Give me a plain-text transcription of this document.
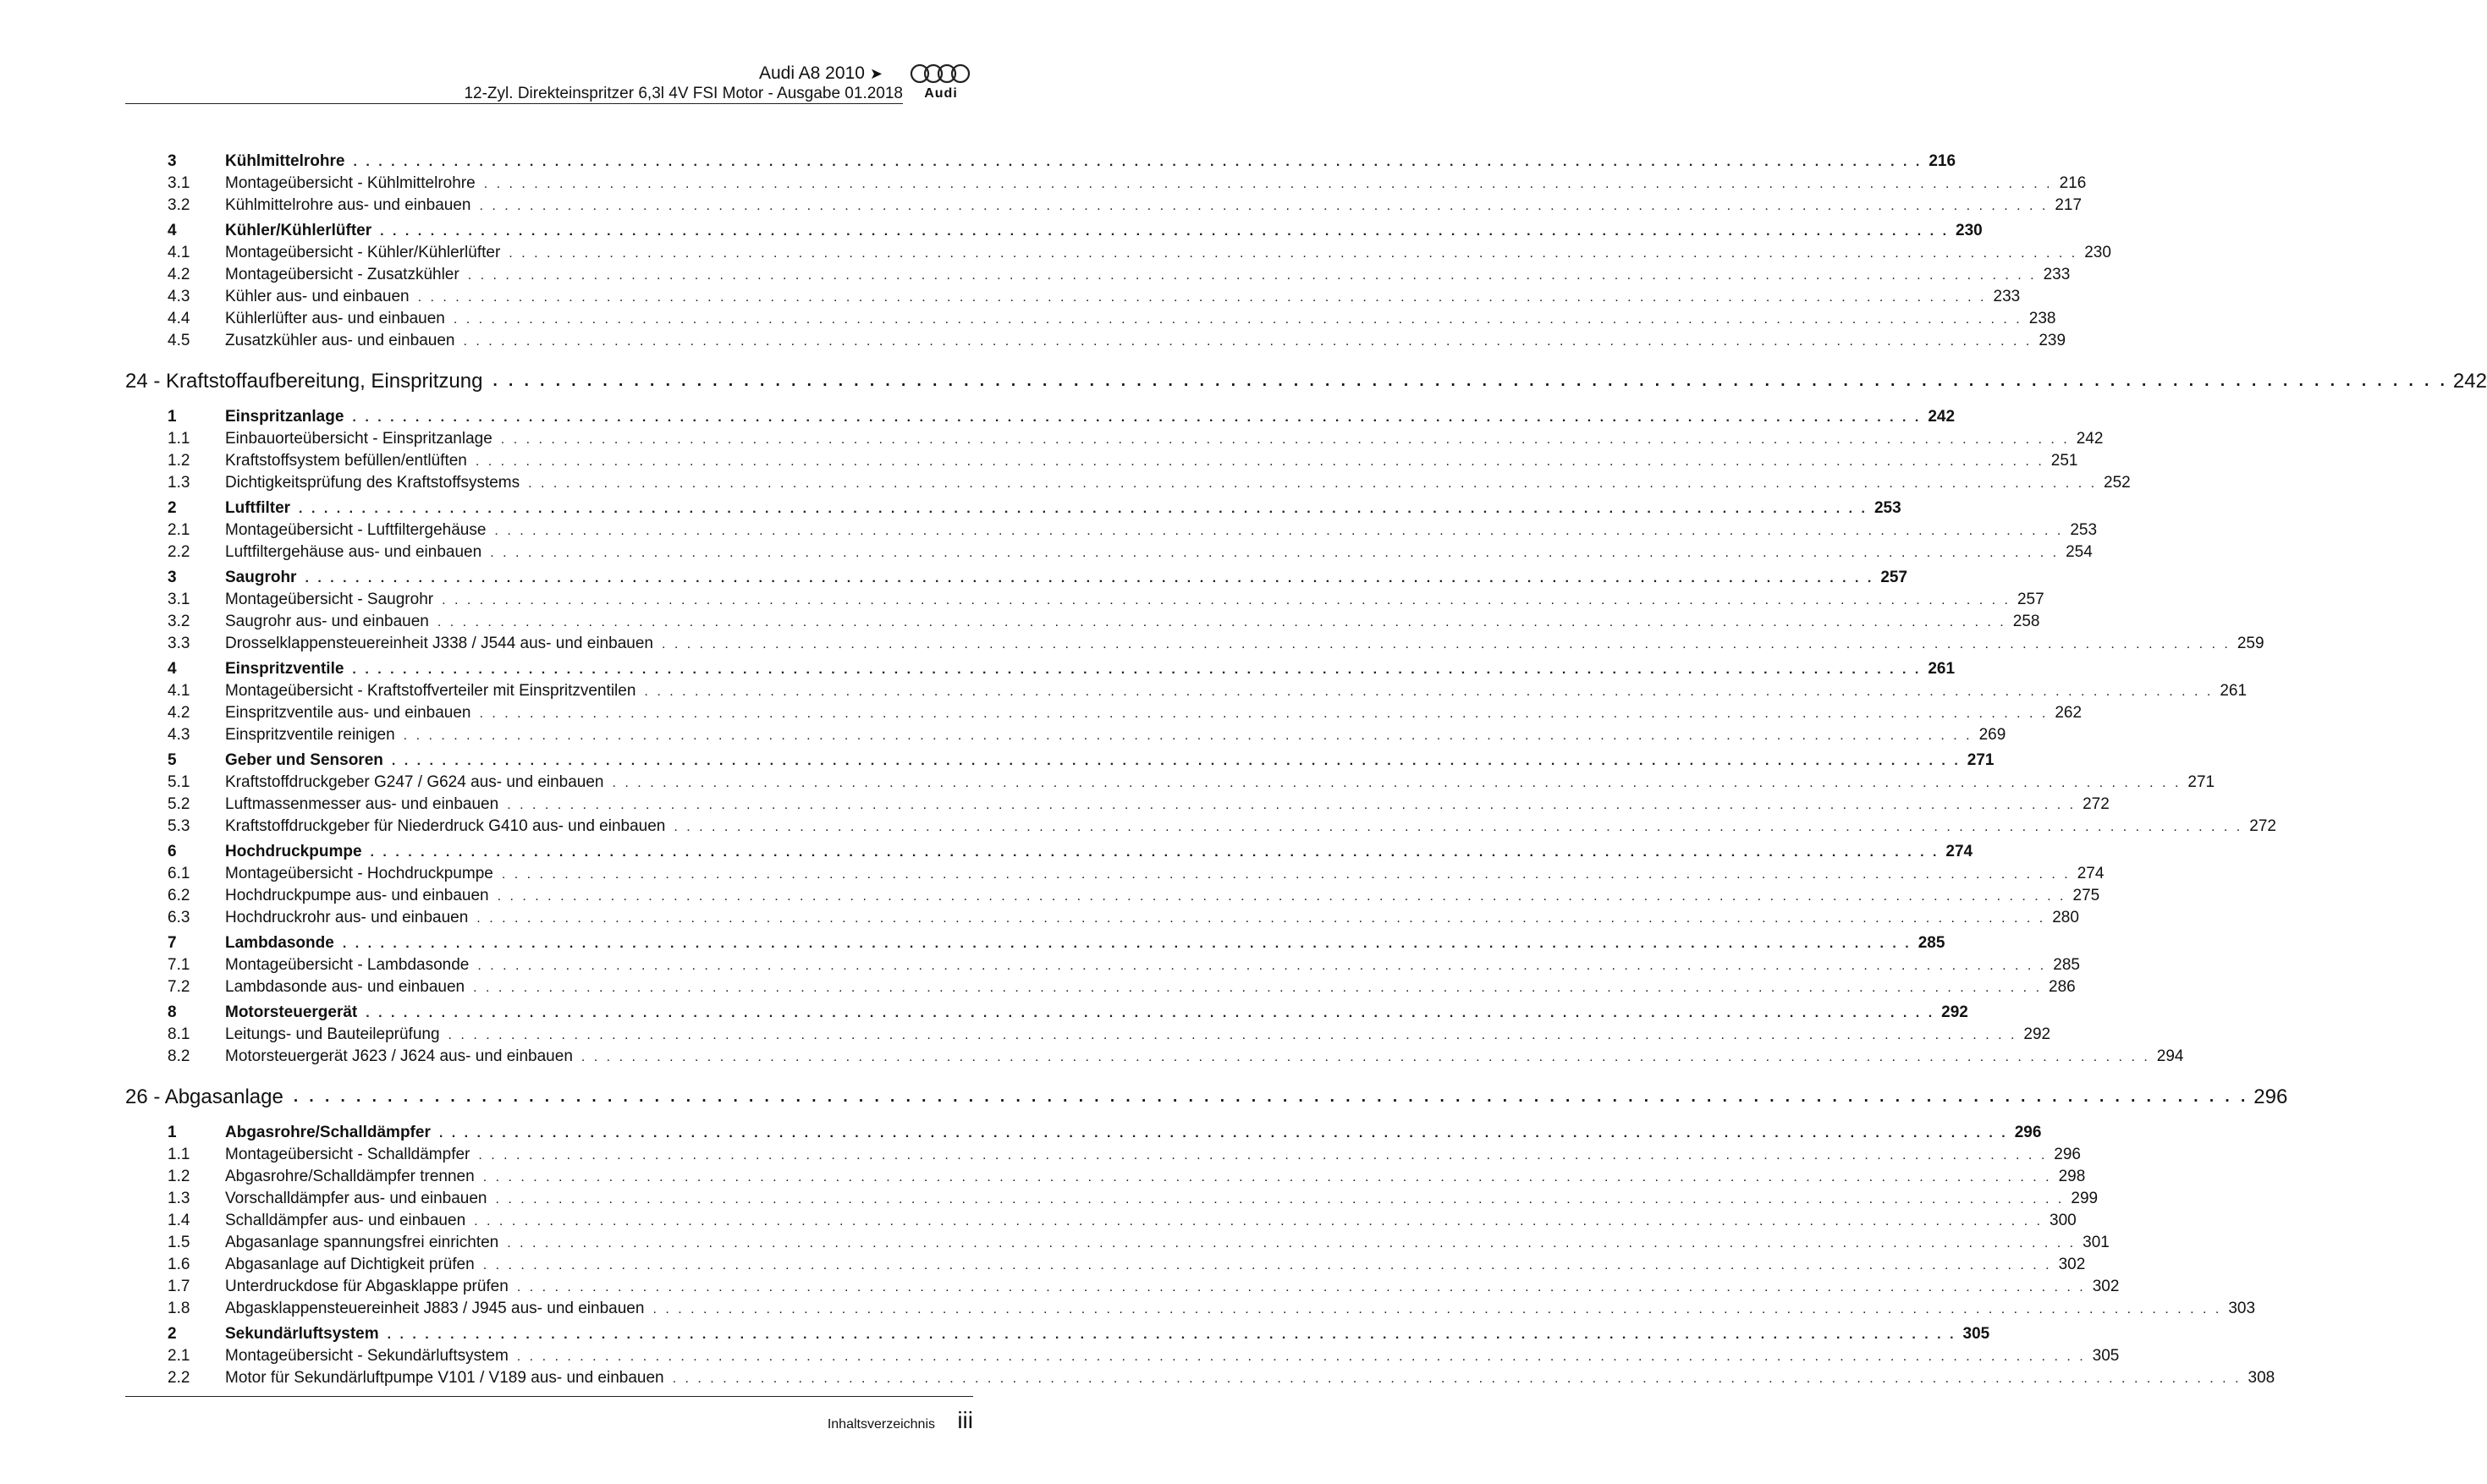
Audi A8 2010 ➤
12-Zyl. Direkteinspritzer 6,3l 4V FSI Motor - Ausgabe 01.2018	Audi
3	Kühlmittelrohre . . . . . . . . . . . . . . . . . . . . . . . . . . . . . . . . . . . . . . . . . . . . . . . . . . . . . . . . . . . . . . . . . . . . . . . . . . . . . . . . . . . . . . . . . . . . . . . . . . . . . . . . . . . . . . . . . . . . . . . . . . . . . 216
3.1 Montageübersicht - Kühlmittelrohre . . . . . . . . . . . . . . . . . . . . . . . . . . . . . . . . . . . . . . . . . . . . . . . . . . . . . . . . . . . . . . . . . . . . . . . . . . . . . . . . . . . . . . . . . . . . . . . . . . . . . . . . . . . . . . . . . . . . . . . . . . . . . 216
3.2 Kühlmittelrohre aus- und einbauen . . . . . . . . . . . . . . . . . . . . . . . . . . . . . . . . . . . . . . . . . . . . . . . . . . . . . . . . . . . . . . . . . . . . . . . . . . . . . . . . . . . . . . . . . . . . . . . . . . . . . . . . . . . . . . . . . . . . . . . . . . . . . 217
4	Kühler/Kühlerlüfter . . . . . . . . . . . . . . . . . . . . . . . . . . . . . . . . . . . . . . . . . . . . . . . . . . . . . . . . . . . . . . . . . . . . . . . . . . . . . . . . . . . . . . . . . . . . . . . . . . . . . . . . . . . . . . . . . . . . . . . . . . . . . 230
4.1 Montageübersicht - Kühler/Kühlerlüfter . . . . . . . . . . . . . . . . . . . . . . . . . . . . . . . . . . . . . . . . . . . . . . . . . . . . . . . . . . . . . . . . . . . . . . . . . . . . . . . . . . . . . . . . . . . . . . . . . . . . . . . . . . . . . . . . . . . . . . . . . . . . . 230
4.2 Montageübersicht - Zusatzkühler . . . . . . . . . . . . . . . . . . . . . . . . . . . . . . . . . . . . . . . . . . . . . . . . . . . . . . . . . . . . . . . . . . . . . . . . . . . . . . . . . . . . . . . . . . . . . . . . . . . . . . . . . . . . . . . . . . . . . . . . . . . . . 233
4.3 Kühler aus- und einbauen . . . . . . . . . . . . . . . . . . . . . . . . . . . . . . . . . . . . . . . . . . . . . . . . . . . . . . . . . . . . . . . . . . . . . . . . . . . . . . . . . . . . . . . . . . . . . . . . . . . . . . . . . . . . . . . . . . . . . . . . . . . . . 233
4.4 Kühlerlüfter aus- und einbauen . . . . . . . . . . . . . . . . . . . . . . . . . . . . . . . . . . . . . . . . . . . . . . . . . . . . . . . . . . . . . . . . . . . . . . . . . . . . . . . . . . . . . . . . . . . . . . . . . . . . . . . . . . . . . . . . . . . . . . . . . . . . . 238
4.5 Zusatzkühler aus- und einbauen . . . . . . . . . . . . . . . . . . . . . . . . . . . . . . . . . . . . . . . . . . . . . . . . . . . . . . . . . . . . . . . . . . . . . . . . . . . . . . . . . . . . . . . . . . . . . . . . . . . . . . . . . . . . . . . . . . . . . . . . . . . . . 239
24 - Kraftstoffaufbereitung, Einspritzung . . . . . . . . . . . . . . . . . . . . . . . . . . . . . . . . . . . . . . . . . . . . . . . . . . . . . . . . . . . . . . . . . . . . . . . . . . . . . . . . . . . . . . . . . . . . . . . . . . . . . . . . . . . . . . . . . . . . . . . . . . . . . 242
1	Einspritzanlage . . . . . . . . . . . . . . . . . . . . . . . . . . . . . . . . . . . . . . . . . . . . . . . . . . . . . . . . . . . . . . . . . . . . . . . . . . . . . . . . . . . . . . . . . . . . . . . . . . . . . . . . . . . . . . . . . . . . . . . . . . . . . 242
1.1 Einbauorteübersicht - Einspritzanlage . . . . . . . . . . . . . . . . . . . . . . . . . . . . . . . . . . . . . . . . . . . . . . . . . . . . . . . . . . . . . . . . . . . . . . . . . . . . . . . . . . . . . . . . . . . . . . . . . . . . . . . . . . . . . . . . . . . . . . . . . . . . . 242
1.2 Kraftstoffsystem befüllen/entlüften . . . . . . . . . . . . . . . . . . . . . . . . . . . . . . . . . . . . . . . . . . . . . . . . . . . . . . . . . . . . . . . . . . . . . . . . . . . . . . . . . . . . . . . . . . . . . . . . . . . . . . . . . . . . . . . . . . . . . . . . . . . . . 251
1.3 Dichtigkeitsprüfung des Kraftstoffsystems . . . . . . . . . . . . . . . . . . . . . . . . . . . . . . . . . . . . . . . . . . . . . . . . . . . . . . . . . . . . . . . . . . . . . . . . . . . . . . . . . . . . . . . . . . . . . . . . . . . . . . . . . . . . . . . . . . . . . . . . . . . . . 252
2	Luftfilter . . . . . . . . . . . . . . . . . . . . . . . . . . . . . . . . . . . . . . . . . . . . . . . . . . . . . . . . . . . . . . . . . . . . . . . . . . . . . . . . . . . . . . . . . . . . . . . . . . . . . . . . . . . . . . . . . . . . . . . . . . . . . 253
2.1 Montageübersicht - Luftfiltergehäuse . . . . . . . . . . . . . . . . . . . . . . . . . . . . . . . . . . . . . . . . . . . . . . . . . . . . . . . . . . . . . . . . . . . . . . . . . . . . . . . . . . . . . . . . . . . . . . . . . . . . . . . . . . . . . . . . . . . . . . . . . . . . . 253
2.2 Luftfiltergehäuse aus- und einbauen . . . . . . . . . . . . . . . . . . . . . . . . . . . . . . . . . . . . . . . . . . . . . . . . . . . . . . . . . . . . . . . . . . . . . . . . . . . . . . . . . . . . . . . . . . . . . . . . . . . . . . . . . . . . . . . . . . . . . . . . . . . . . 254
3	Saugrohr . . . . . . . . . . . . . . . . . . . . . . . . . . . . . . . . . . . . . . . . . . . . . . . . . . . . . . . . . . . . . . . . . . . . . . . . . . . . . . . . . . . . . . . . . . . . . . . . . . . . . . . . . . . . . . . . . . . . . . . . . . . . . 257
3.1 Montageübersicht - Saugrohr . . . . . . . . . . . . . . . . . . . . . . . . . . . . . . . . . . . . . . . . . . . . . . . . . . . . . . . . . . . . . . . . . . . . . . . . . . . . . . . . . . . . . . . . . . . . . . . . . . . . . . . . . . . . . . . . . . . . . . . . . . . . . 257
3.2 Saugrohr aus- und einbauen . . . . . . . . . . . . . . . . . . . . . . . . . . . . . . . . . . . . . . . . . . . . . . . . . . . . . . . . . . . . . . . . . . . . . . . . . . . . . . . . . . . . . . . . . . . . . . . . . . . . . . . . . . . . . . . . . . . . . . . . . . . . . 258
3.3 Drosselklappensteuereinheit J338 / J544 aus- und einbauen . . . . . . . . . . . . . . . . . . . . . . . . . . . . . . . . . . . . . . . . . . . . . . . . . . . . . . . . . . . . . . . . . . . . . . . . . . . . . . . . . . . . . . . . . . . . . . . . . . . . . . . . . . . . . . . . . . . . . . . . . . . . . 259
4	Einspritzventile . . . . . . . . . . . . . . . . . . . . . . . . . . . . . . . . . . . . . . . . . . . . . . . . . . . . . . . . . . . . . . . . . . . . . . . . . . . . . . . . . . . . . . . . . . . . . . . . . . . . . . . . . . . . . . . . . . . . . . . . . . . . . 261
4.1 Montageübersicht - Kraftstoffverteiler mit Einspritzventilen . . . . . . . . . . . . . . . . . . . . . . . . . . . . . . . . . . . . . . . . . . . . . . . . . . . . . . . . . . . . . . . . . . . . . . . . . . . . . . . . . . . . . . . . . . . . . . . . . . . . . . . . . . . . . . . . . . . . . . . . . . . . . 261
4.2 Einspritzventile aus- und einbauen . . . . . . . . . . . . . . . . . . . . . . . . . . . . . . . . . . . . . . . . . . . . . . . . . . . . . . . . . . . . . . . . . . . . . . . . . . . . . . . . . . . . . . . . . . . . . . . . . . . . . . . . . . . . . . . . . . . . . . . . . . . . . 262
4.3 Einspritzventile reinigen . . . . . . . . . . . . . . . . . . . . . . . . . . . . . . . . . . . . . . . . . . . . . . . . . . . . . . . . . . . . . . . . . . . . . . . . . . . . . . . . . . . . . . . . . . . . . . . . . . . . . . . . . . . . . . . . . . . . . . . . . . . . . 269
5	Geber und Sensoren . . . . . . . . . . . . . . . . . . . . . . . . . . . . . . . . . . . . . . . . . . . . . . . . . . . . . . . . . . . . . . . . . . . . . . . . . . . . . . . . . . . . . . . . . . . . . . . . . . . . . . . . . . . . . . . . . . . . . . . . . . . . . 271
5.1 Kraftstoffdruckgeber G247 / G624 aus- und einbauen . . . . . . . . . . . . . . . . . . . . . . . . . . . . . . . . . . . . . . . . . . . . . . . . . . . . . . . . . . . . . . . . . . . . . . . . . . . . . . . . . . . . . . . . . . . . . . . . . . . . . . . . . . . . . . . . . . . . . . . . . . . . . 271
5.2 Luftmassenmesser aus- und einbauen . . . . . . . . . . . . . . . . . . . . . . . . . . . . . . . . . . . . . . . . . . . . . . . . . . . . . . . . . . . . . . . . . . . . . . . . . . . . . . . . . . . . . . . . . . . . . . . . . . . . . . . . . . . . . . . . . . . . . . . . . . . . . 272
5.3 Kraftstoffdruckgeber für Niederdruck G410 aus- und einbauen . . . . . . . . . . . . . . . . . . . . . . . . . . . . . . . . . . . . . . . . . . . . . . . . . . . . . . . . . . . . . . . . . . . . . . . . . . . . . . . . . . . . . . . . . . . . . . . . . . . . . . . . . . . . . . . . . . . . . . . . . . . . . 272
6	Hochdruckpumpe . . . . . . . . . . . . . . . . . . . . . . . . . . . . . . . . . . . . . . . . . . . . . . . . . . . . . . . . . . . . . . . . . . . . . . . . . . . . . . . . . . . . . . . . . . . . . . . . . . . . . . . . . . . . . . . . . . . . . . . . . . . . . 274
6.1 Montageübersicht - Hochdruckpumpe . . . . . . . . . . . . . . . . . . . . . . . . . . . . . . . . . . . . . . . . . . . . . . . . . . . . . . . . . . . . . . . . . . . . . . . . . . . . . . . . . . . . . . . . . . . . . . . . . . . . . . . . . . . . . . . . . . . . . . . . . . . . . 274
6.2 Hochdruckpumpe aus- und einbauen . . . . . . . . . . . . . . . . . . . . . . . . . . . . . . . . . . . . . . . . . . . . . . . . . . . . . . . . . . . . . . . . . . . . . . . . . . . . . . . . . . . . . . . . . . . . . . . . . . . . . . . . . . . . . . . . . . . . . . . . . . . . . 275
6.3 Hochdruckrohr aus- und einbauen . . . . . . . . . . . . . . . . . . . . . . . . . . . . . . . . . . . . . . . . . . . . . . . . . . . . . . . . . . . . . . . . . . . . . . . . . . . . . . . . . . . . . . . . . . . . . . . . . . . . . . . . . . . . . . . . . . . . . . . . . . . . . 280
7	Lambdasonde . . . . . . . . . . . . . . . . . . . . . . . . . . . . . . . . . . . . . . . . . . . . . . . . . . . . . . . . . . . . . . . . . . . . . . . . . . . . . . . . . . . . . . . . . . . . . . . . . . . . . . . . . . . . . . . . . . . . . . . . . . . . . 285
7.1 Montageübersicht - Lambdasonde . . . . . . . . . . . . . . . . . . . . . . . . . . . . . . . . . . . . . . . . . . . . . . . . . . . . . . . . . . . . . . . . . . . . . . . . . . . . . . . . . . . . . . . . . . . . . . . . . . . . . . . . . . . . . . . . . . . . . . . . . . . . . 285
7.2 Lambdasonde aus- und einbauen . . . . . . . . . . . . . . . . . . . . . . . . . . . . . . . . . . . . . . . . . . . . . . . . . . . . . . . . . . . . . . . . . . . . . . . . . . . . . . . . . . . . . . . . . . . . . . . . . . . . . . . . . . . . . . . . . . . . . . . . . . . . . 286
8	Motorsteuergerät . . . . . . . . . . . . . . . . . . . . . . . . . . . . . . . . . . . . . . . . . . . . . . . . . . . . . . . . . . . . . . . . . . . . . . . . . . . . . . . . . . . . . . . . . . . . . . . . . . . . . . . . . . . . . . . . . . . . . . . . . . . . . 292
8.1 Leitungs- und Bauteileprüfung . . . . . . . . . . . . . . . . . . . . . . . . . . . . . . . . . . . . . . . . . . . . . . . . . . . . . . . . . . . . . . . . . . . . . . . . . . . . . . . . . . . . . . . . . . . . . . . . . . . . . . . . . . . . . . . . . . . . . . . . . . . . . 292
8.2 Motorsteuergerät J623 / J624 aus- und einbauen . . . . . . . . . . . . . . . . . . . . . . . . . . . . . . . . . . . . . . . . . . . . . . . . . . . . . . . . . . . . . . . . . . . . . . . . . . . . . . . . . . . . . . . . . . . . . . . . . . . . . . . . . . . . . . . . . . . . . . . . . . . . . 294
26 - Abgasanlage . . . . . . . . . . . . . . . . . . . . . . . . . . . . . . . . . . . . . . . . . . . . . . . . . . . . . . . . . . . . . . . . . . . . . . . . . . . . . . . . . . . . . . . . . . . . . . . . . . . . . . . . . . . . . . . . . . . . . . . . . . . . . 296
1	Abgasrohre/Schalldämpfer . . . . . . . . . . . . . . . . . . . . . . . . . . . . . . . . . . . . . . . . . . . . . . . . . . . . . . . . . . . . . . . . . . . . . . . . . . . . . . . . . . . . . . . . . . . . . . . . . . . . . . . . . . . . . . . . . . . . . . . . . . . . . 296
1.1 Montageübersicht - Schalldämpfer . . . . . . . . . . . . . . . . . . . . . . . . . . . . . . . . . . . . . . . . . . . . . . . . . . . . . . . . . . . . . . . . . . . . . . . . . . . . . . . . . . . . . . . . . . . . . . . . . . . . . . . . . . . . . . . . . . . . . . . . . . . . . 296
1.2 Abgasrohre/Schalldämpfer trennen . . . . . . . . . . . . . . . . . . . . . . . . . . . . . . . . . . . . . . . . . . . . . . . . . . . . . . . . . . . . . . . . . . . . . . . . . . . . . . . . . . . . . . . . . . . . . . . . . . . . . . . . . . . . . . . . . . . . . . . . . . . . . 298
1.3 Vorschalldämpfer aus- und einbauen . . . . . . . . . . . . . . . . . . . . . . . . . . . . . . . . . . . . . . . . . . . . . . . . . . . . . . . . . . . . . . . . . . . . . . . . . . . . . . . . . . . . . . . . . . . . . . . . . . . . . . . . . . . . . . . . . . . . . . . . . . . . . 299
1.4 Schalldämpfer aus- und einbauen . . . . . . . . . . . . . . . . . . . . . . . . . . . . . . . . . . . . . . . . . . . . . . . . . . . . . . . . . . . . . . . . . . . . . . . . . . . . . . . . . . . . . . . . . . . . . . . . . . . . . . . . . . . . . . . . . . . . . . . . . . . . . 300
1.5 Abgasanlage spannungsfrei einrichten . . . . . . . . . . . . . . . . . . . . . . . . . . . . . . . . . . . . . . . . . . . . . . . . . . . . . . . . . . . . . . . . . . . . . . . . . . . . . . . . . . . . . . . . . . . . . . . . . . . . . . . . . . . . . . . . . . . . . . . . . . . . . 301
1.6 Abgasanlage auf Dichtigkeit prüfen . . . . . . . . . . . . . . . . . . . . . . . . . . . . . . . . . . . . . . . . . . . . . . . . . . . . . . . . . . . . . . . . . . . . . . . . . . . . . . . . . . . . . . . . . . . . . . . . . . . . . . . . . . . . . . . . . . . . . . . . . . . . . 302
1.7 Unterdruckdose für Abgasklappe prüfen . . . . . . . . . . . . . . . . . . . . . . . . . . . . . . . . . . . . . . . . . . . . . . . . . . . . . . . . . . . . . . . . . . . . . . . . . . . . . . . . . . . . . . . . . . . . . . . . . . . . . . . . . . . . . . . . . . . . . . . . . . . . . 302
1.8 Abgasklappensteuereinheit J883 / J945 aus- und einbauen . . . . . . . . . . . . . . . . . . . . . . . . . . . . . . . . . . . . . . . . . . . . . . . . . . . . . . . . . . . . . . . . . . . . . . . . . . . . . . . . . . . . . . . . . . . . . . . . . . . . . . . . . . . . . . . . . . . . . . . . . . . . . 303
2	Sekundärluftsystem . . . . . . . . . . . . . . . . . . . . . . . . . . . . . . . . . . . . . . . . . . . . . . . . . . . . . . . . . . . . . . . . . . . . . . . . . . . . . . . . . . . . . . . . . . . . . . . . . . . . . . . . . . . . . . . . . . . . . . . . . . . . . 305
2.1 Montageübersicht - Sekundärluftsystem . . . . . . . . . . . . . . . . . . . . . . . . . . . . . . . . . . . . . . . . . . . . . . . . . . . . . . . . . . . . . . . . . . . . . . . . . . . . . . . . . . . . . . . . . . . . . . . . . . . . . . . . . . . . . . . . . . . . . . . . . . . . . 305
2.2 Motor für Sekundärluftpumpe V101 / V189 aus- und einbauen . . . . . . . . . . . . . . . . . . . . . . . . . . . . . . . . . . . . . . . . . . . . . . . . . . . . . . . . . . . . . . . . . . . . . . . . . . . . . . . . . . . . . . . . . . . . . . . . . . . . . . . . . . . . . . . . . . . . . . . . . . . . . 308
Inhaltsverzeichnis iii
